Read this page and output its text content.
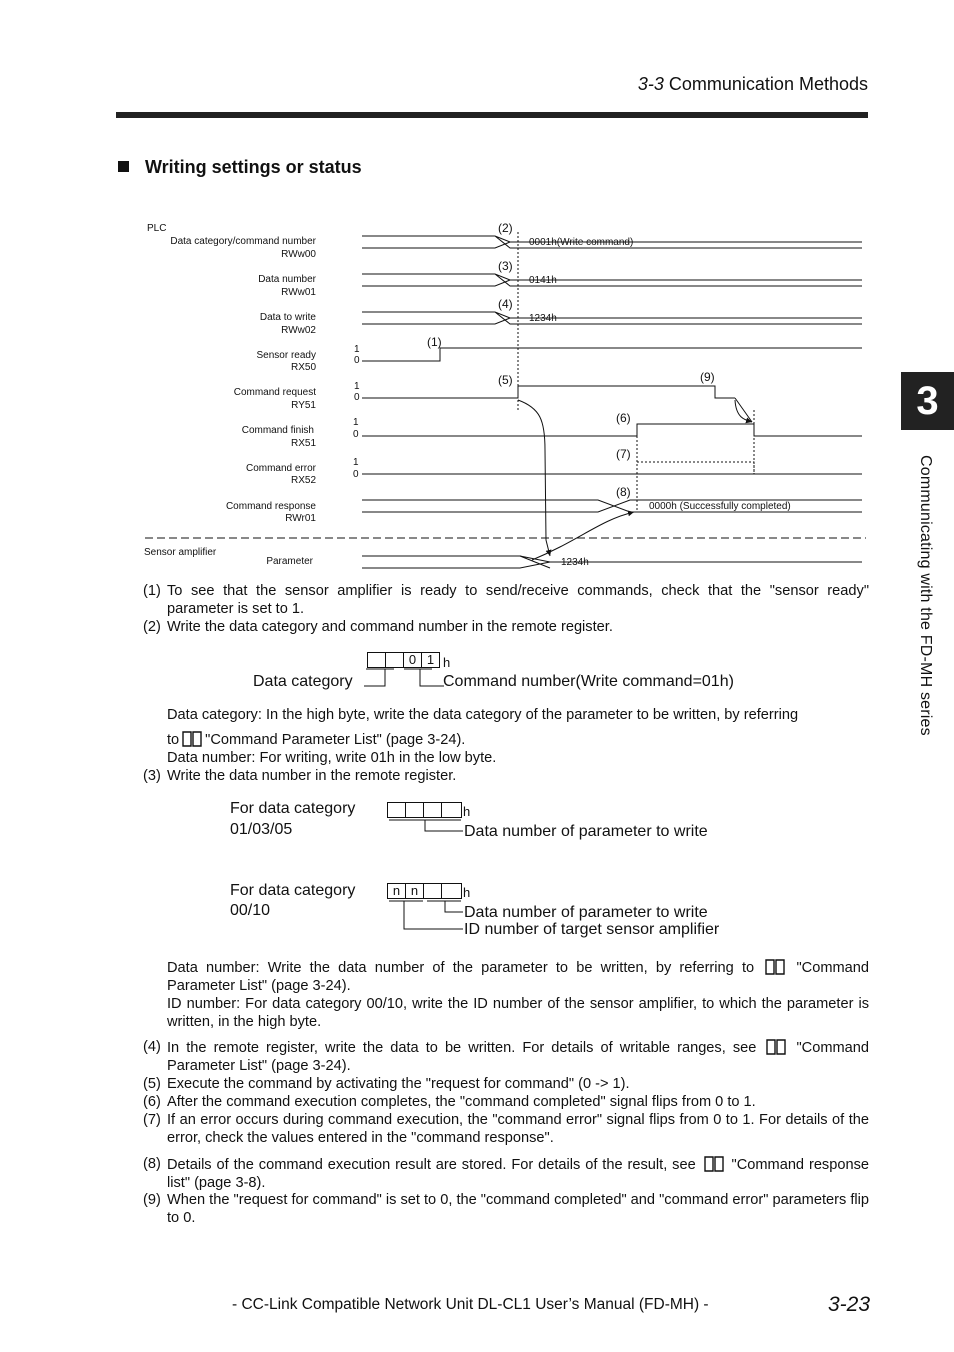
3-3 Communication Methods
Writing settings or status
3
Communicating with the FD-MH series
PLC
Data category/command number
RWw00
Data number
RWw01
Data to write
RWw02
Sensor ready
RX50
Command request
RY51
Command finish
RX51
Command error
RX52
Command response
RWr01
Sensor amplifier
Parameter
1
0
1
0
1
0
1
0
0001h(Write command)
0141h
1234h
0000h (Successfully completed)
1234h
(1)
(2)
(3)
(4)
(5)
(6)
(7)
(8)
(9)
(1) To see that the sensor amplifier is ready to send/receive commands, check that the "sensor ready" parameter is set to 1.
(2) Write the data category and command number in the remote register.
0 1 h
Data category	Command number(Write command=01h)
Data category: In the high byte, write the data category of the parameter to be written, by referring
to "Command Parameter List" (page 3-24).
Data number: For writing, write 01h in the low byte.
(3) Write the data number in the remote register.
For data category
01/03/05
h
Data number of parameter to write
For data category
00/10
n n	h
Data number of parameter to write
ID number of target sensor amplifier
Data number: Write the data number of the parameter to be written, by referring to	"Command Parameter List" (page 3-24).
ID number: For data category 00/10, write the ID number of the sensor amplifier, to which the parameter is written, in the high byte.
(4) In the remote register, write the data to be written. For details of writable ranges, see	"Command Parameter List" (page 3-24).
(5) Execute the command by activating the "request for command" (0 -> 1).
(6) After the command execution completes, the "command completed" signal flips from 0 to 1.
(7) If an error occurs during command execution, the "command error" signal flips from 0 to 1. For details of the error, check the values entered in the "command response".
(8) Details of the command execution result are stored. For details of the result, see "Command response list" (page 3-8).
(9) When the "request for command" is set to 0, the "command completed" and "command error" parameters flip to 0.
- CC-Link Compatible Network Unit DL-CL1 User’s Manual (FD-MH) -	3-23
